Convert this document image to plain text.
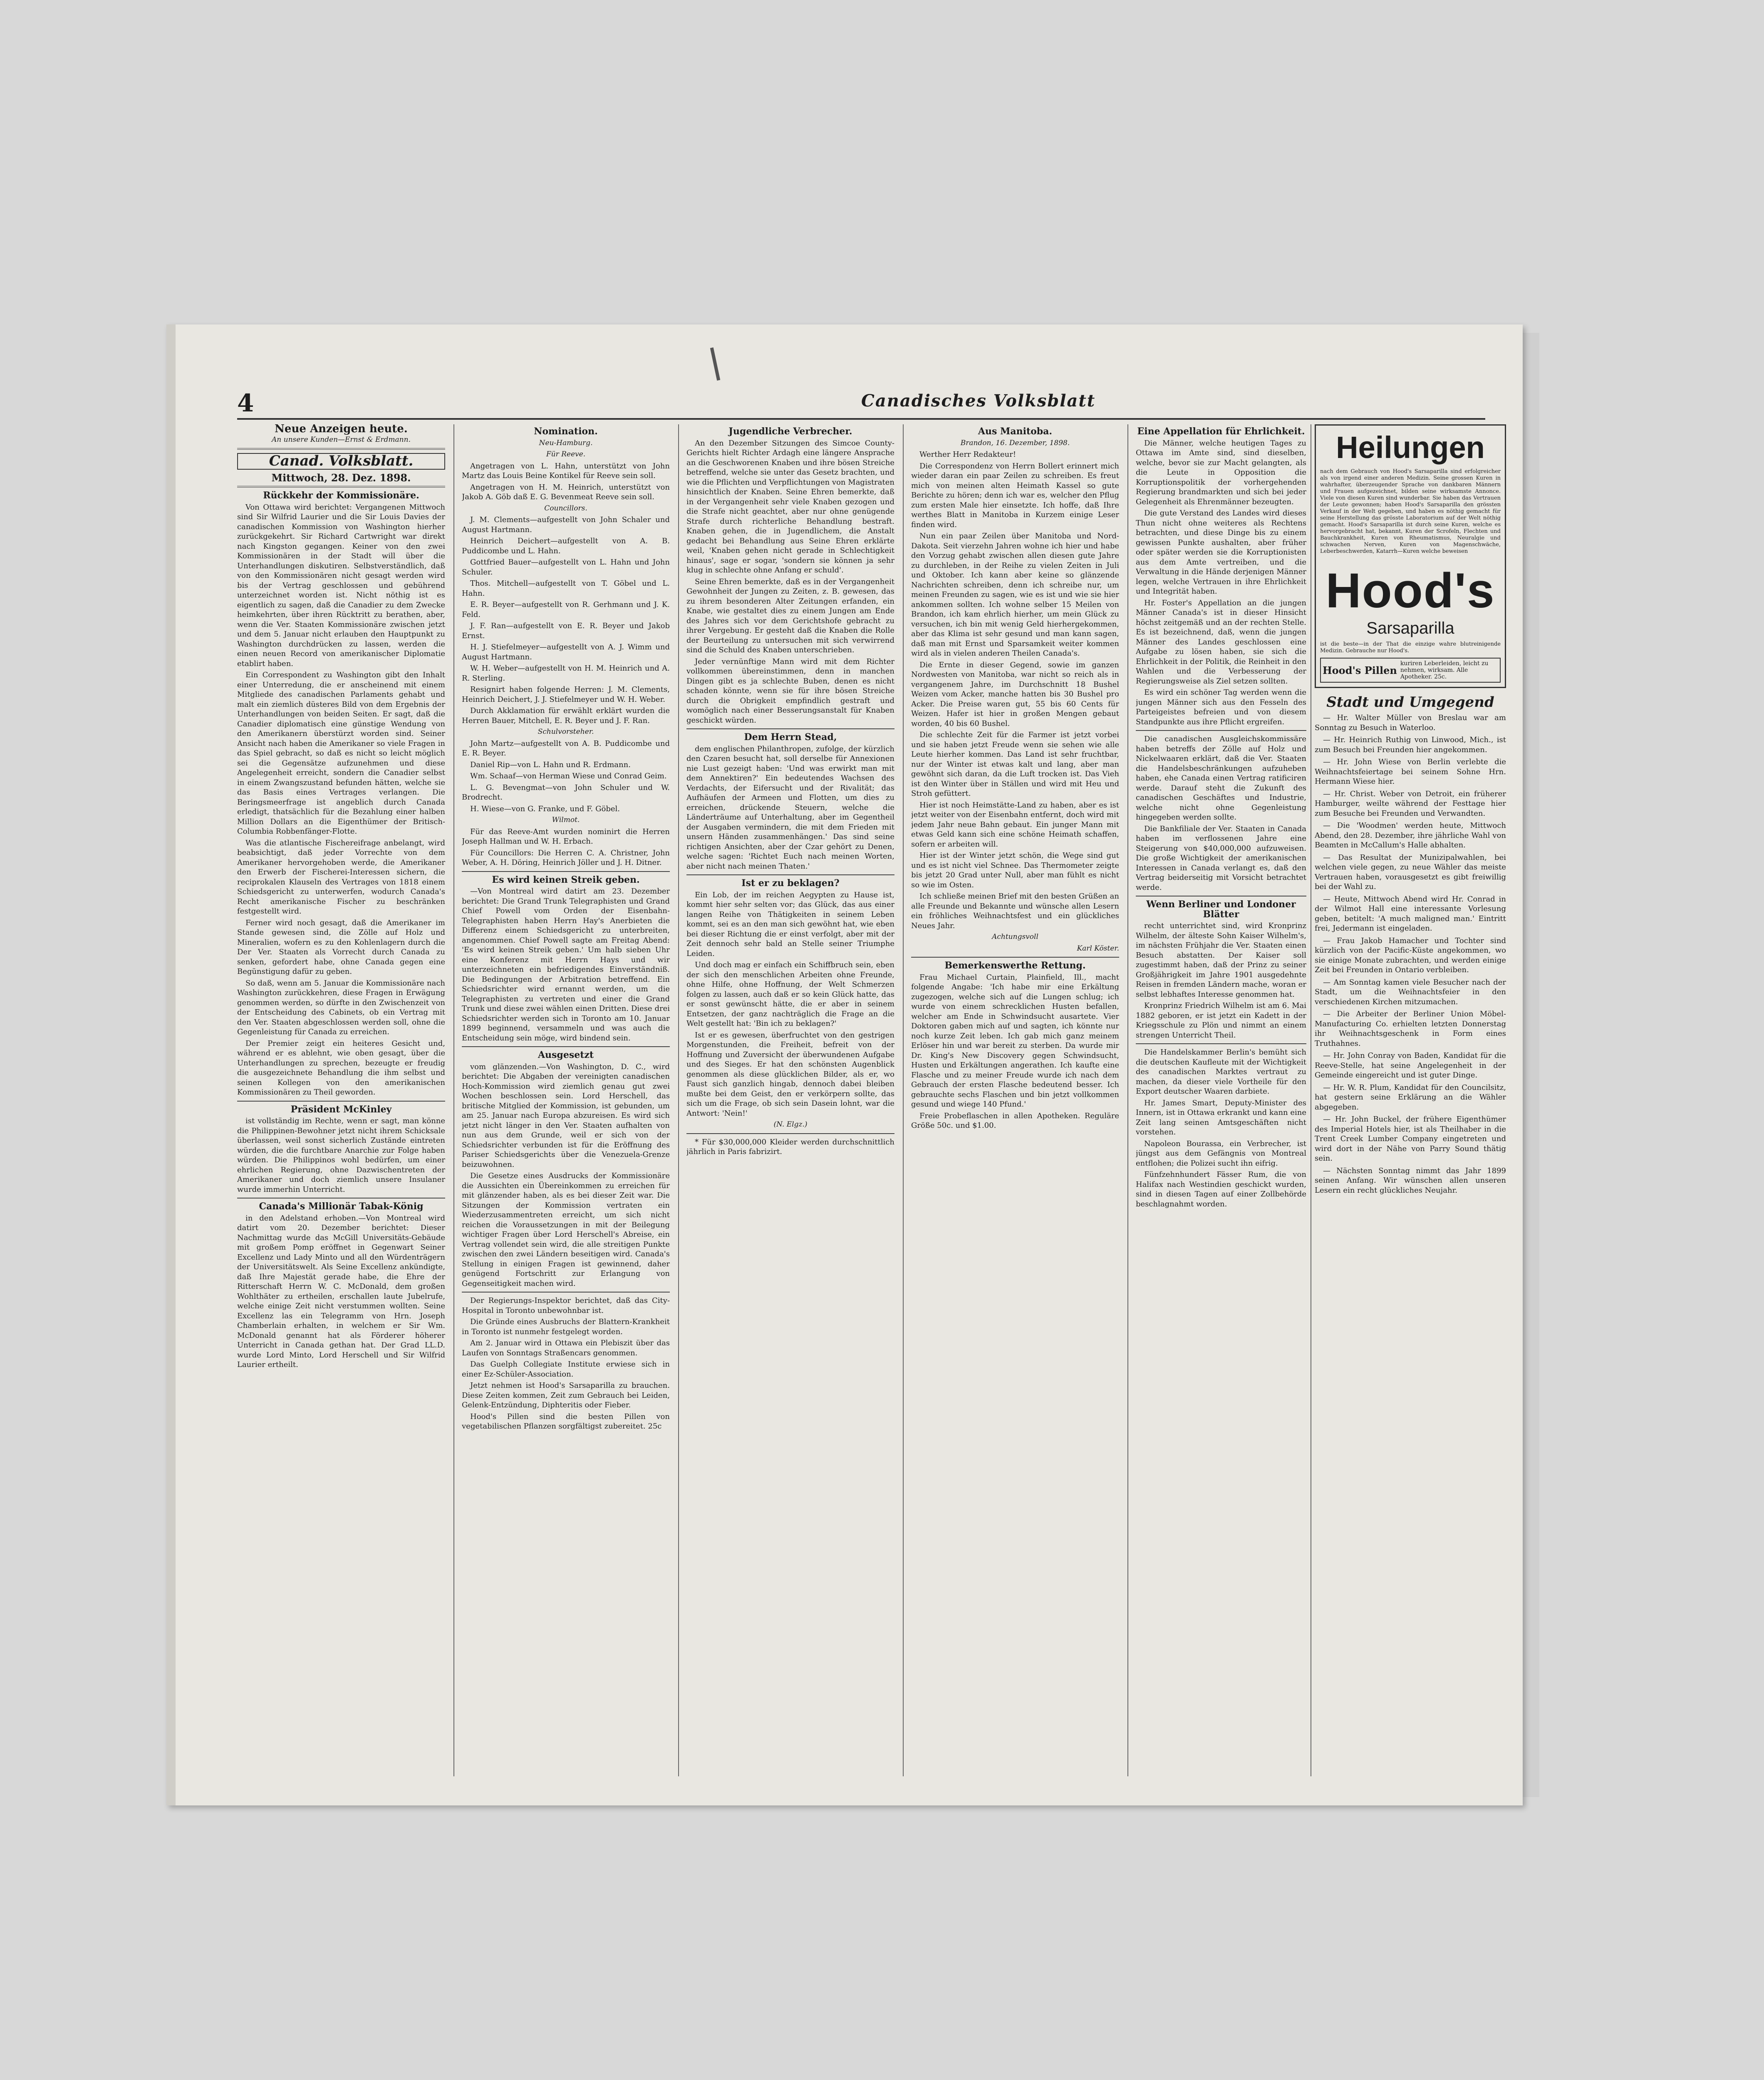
4	Canadisches Volksblatt
Neue Anzeigen heute.
An unsere Kunden—Ernst & Erdmann.
Canad. Volksblatt.
Mittwoch, 28. Dez. 1898.
Rückkehr der Kommissionäre.

Von Ottawa wird berichtet: Vergangenen Mittwoch sind Sir Wilfrid Laurier und die Sir Louis Davies der canadischen Kommission von Washington hierher zurückgekehrt. Sir Richard Cartwright war direkt nach Kingston gegangen. Keiner von den zwei Kommissionären in der Stadt will über die Unterhandlungen diskutiren. Selbstverständlich, daß von den Kommissionären nicht gesagt werden wird bis der Vertrag geschlossen und gebührend unterzeichnet worden ist. Nicht nöthig ist es eigentlich zu sagen, daß die Canadier zu dem Zwecke heimkehrten, über ihren Rücktritt zu berathen, aber, wenn die Ver. Staaten Kommissionäre zwischen jetzt und dem 5. Januar nicht erlauben den Hauptpunkt zu Washington durchdrücken zu lassen, werden die einen neuen Record von amerikanischer Diplomatie etablirt haben.

Ein Correspondent zu Washington gibt den Inhalt einer Unterredung, die er anscheinend mit einem Mitgliede des canadischen Parlaments gehabt und malt ein ziemlich düsteres Bild von dem Ergebnis der Unterhandlungen von beiden Seiten. Er sagt, daß die Canadier diplomatisch eine günstige Wendung von den Amerikanern überstürzt worden sind. Seiner Ansicht nach haben die Amerikaner so viele Fragen in das Spiel gebracht, so daß es nicht so leicht möglich sei die Gegensätze aufzunehmen und diese Angelegenheit erreicht, sondern die Canadier selbst in einem Zwangszustand befunden hätten, welche sie das Basis eines Vertrages verlangen. Die Beringsmeerfrage ist angeblich durch Canada erledigt, thatsächlich für die Bezahlung einer halben Million Dollars an die Eigenthümer der Britisch-Columbia Robbenfänger-Flotte.

Was die atlantische Fischereifrage anbelangt, wird beabsichtigt, daß jeder Vorrechte von dem Amerikaner hervorgehoben werde, die Amerikaner den Erwerb der Fischerei-Interessen sichern, die reciprokalen Klauseln des Vertrages von 1818 einem Schiedsgericht zu unterwerfen, wodurch Canada's Recht amerikanische Fischer zu beschränken festgestellt wird.

Ferner wird noch gesagt, daß die Amerikaner im Stande gewesen sind, die Zölle auf Holz und Mineralien, wofern es zu den Kohlenlagern durch die Der Ver. Staaten als Vorrecht durch Canada zu senken, gefordert habe, ohne Canada gegen eine Begünstigung dafür zu geben.

So daß, wenn am 5. Januar die Kommissionäre nach Washington zurückkehren, diese Fragen in Erwägung genommen werden, so dürfte in den Zwischenzeit von der Entscheidung des Cabinets, ob ein Vertrag mit den Ver. Staaten abgeschlossen werden soll, ohne die Gegenleistung für Canada zu erreichen.

Der Premier zeigt ein heiteres Gesicht und, während er es ablehnt, wie oben gesagt, über die Unterhandlungen zu sprechen, bezeugte er freudig die ausgezeichnete Behandlung die ihm selbst und seinen Kollegen von den amerikanischen Kommissionären zu Theil geworden.

Präsident McKinley

ist vollständig im Rechte, wenn er sagt, man könne die Philippinen-Bewohner jetzt nicht ihrem Schicksale überlassen, weil sonst sicherlich Zustände eintreten würden, die die furchtbare Anarchie zur Folge haben würden. Die Philippinos wohl bedürfen, um einer ehrlichen Regierung, ohne Dazwischentreten der Amerikaner und doch ziemlich unsere Insulaner wurde immerhin Unterricht.

Canada's Millionär Tabak-König

in den Adelstand erhoben.—Von Montreal wird datirt vom 20. Dezember berichtet: Dieser Nachmittag wurde das McGill Universitäts-Gebäude mit großem Pomp eröffnet in Gegenwart Seiner Excellenz und Lady Minto und all den Würdenträgern der Universitätswelt. Als Seine Excellenz ankündigte, daß Ihre Majestät gerade habe, die Ehre der Ritterschaft Herrn W. C. McDonald, dem großen Wohlthäter zu ertheilen, erschallen laute Jubelrufe, welche einige Zeit nicht verstummen wollten. Seine Excellenz las ein Telegramm von Hrn. Joseph Chamberlain erhalten, in welchem er Sir Wm. McDonald genannt hat als Förderer höherer Unterricht in Canada gethan hat. Der Grad LL.D. wurde Lord Minto, Lord Herschell und Sir Wilfrid Laurier ertheilt.

Nomination.
Neu-Hamburg.
Für Reeve.

Angetragen von L. Hahn, unterstützt von John Martz das Louis Beine Kontikel für Reeve sein soll.

Angetragen von H. M. Heinrich, unterstützt von Jakob A. Göb daß E. G. Bevenmeat Reeve sein soll.

Councillors.

J. M. Clements—aufgestellt von John Schaler und August Hartmann.

Heinrich Deichert—aufgestellt von A. B. Puddicombe und L. Hahn.

Gottfried Bauer—aufgestellt von L. Hahn und John Schuler.

Thos. Mitchell—aufgestellt von T. Göbel und L. Hahn.

E. R. Beyer—aufgestellt von R. Gerhmann und J. K. Feld.

J. F. Ran—aufgestellt von E. R. Beyer und Jakob Ernst.

H. J. Stiefelmeyer—aufgestellt von A. J. Wimm und August Hartmann.

W. H. Weber—aufgestellt von H. M. Heinrich und A. R. Sterling.

Resignirt haben folgende Herren: J. M. Clements, Heinrich Deichert, J. J. Stiefelmeyer und W. H. Weber.

Durch Akklamation für erwählt erklärt wurden die Herren Bauer, Mitchell, E. R. Beyer und J. F. Ran.

Schulvorsteher.

John Martz—aufgestellt von A. B. Puddicombe und E. R. Beyer.

Daniel Rip—von L. Hahn und R. Erdmann.

Wm. Schaaf—von Herman Wiese und Conrad Geim.

L. G. Bevengmat—von John Schuler und W. Brodrecht.

H. Wiese—von G. Franke, und F. Göbel.

Wilmot.

Für das Reeve-Amt wurden nominirt die Herren Joseph Hallman und W. H. Erbach.

Für Councillors: Die Herren C. A. Christner, John Weber, A. H. Döring, Heinrich Jöller und J. H. Ditner.

Es wird keinen Streik geben.

—Von Montreal wird datirt am 23. Dezember berichtet: Die Grand Trunk Telegraphisten und Grand Chief Powell vom Orden der Eisenbahn-Telegraphisten haben Herrn Hay's Anerbieten die Differenz einem Schiedsgericht zu unterbreiten, angenommen. Chief Powell sagte am Freitag Abend: 'Es wird keinen Streik geben.' Um halb sieben Uhr eine Konferenz mit Herrn Hays und wir unterzeichneten ein befriedigendes Einverständniß. Die Bedingungen der Arbitration betreffend. Ein Schiedsrichter wird ernannt werden, um die Telegraphisten zu vertreten und einer die Grand Trunk und diese zwei wählen einen Dritten. Diese drei Schiedsrichter werden sich in Toronto am 10. Januar 1899 beginnend, versammeln und was auch die Entscheidung sein möge, wird bindend sein.

Ausgesetzt

vom glänzenden.—Von Washington, D. C., wird berichtet: Die Abgaben der vereinigten canadischen Hoch-Kommission wird ziemlich genau gut zwei Wochen beschlossen sein. Lord Herschell, das britische Mitglied der Kommission, ist gebunden, um am 25. Januar nach Europa abzureisen. Es wird sich jetzt nicht länger in den Ver. Staaten aufhalten von nun aus dem Grunde, weil er sich von der Schiedsrichter verbunden ist für die Eröffnung des Pariser Schiedsgerichts über die Venezuela-Grenze beizuwohnen.

Die Gesetze eines Ausdrucks der Kommissionäre die Aussichten ein Übereinkommen zu erreichen für mit glänzender haben, als es bei dieser Zeit war. Die Sitzungen der Kommission vertraten ein Wiederzusammentreten erreicht, um sich nicht reichen die Voraussetzungen in mit der Beilegung wichtiger Fragen über Lord Herschell's Abreise, ein Vertrag vollendet sein wird, die alle streitigen Punkte zwischen den zwei Ländern beseitigen wird. Canada's Stellung in einigen Fragen ist gewinnend, daher genügend Fortschritt zur Erlangung von Gegenseitigkeit machen wird.

Der Regierungs-Inspektor berichtet, daß das City-Hospital in Toronto unbewohnbar ist.

Die Gründe eines Ausbruchs der Blattern-Krankheit in Toronto ist nunmehr festgelegt worden.

Am 2. Januar wird in Ottawa ein Plebiszit über das Laufen von Sonntags Straßencars genommen.

Das Guelph Collegiate Institute erwiese sich in einer Ez-Schüler-Association.

Jetzt nehmen ist Hood's Sarsaparilla zu brauchen. Diese Zeiten kommen, Zeit zum Gebrauch bei Leiden, Gelenk-Entzündung, Diphteritis oder Fieber.

Hood's Pillen sind die besten Pillen von vegetabilischen Pflanzen sorgfältigst zubereitet. 25c

Jugendliche Verbrecher.

An den Dezember Sitzungen des Simcoe County-Gerichts hielt Richter Ardagh eine längere Ansprache an die Geschworenen Knaben und ihre bösen Streiche betreffend, welche sie unter das Gesetz brachten, und wie die Pflichten und Verpflichtungen von Magistraten hinsichtlich der Knaben. Seine Ehren bemerkte, daß in der Vergangenheit sehr viele Knaben gezogen und die Strafe nicht geachtet, aber nur ohne genügende Strafe durch richterliche Behandlung bestraft. Knaben gehen, die in Jugendlichem, die Anstalt gedacht bei Behandlung aus Seine Ehren erklärte weil, 'Knaben gehen nicht gerade in Schlechtigkeit hinaus', sage er sogar, 'sondern sie können ja sehr klug in schlechte ohne Anfang er schuld'.

Seine Ehren bemerkte, daß es in der Vergangenheit Gewohnheit der Jungen zu Zeiten, z. B. gewesen, das zu ihrem besonderen Alter Zeitungen erfanden, ein Knabe, wie gestaltet dies zu einem Jungen am Ende des Jahres sich vor dem Gerichtshofe gebracht zu ihrer Vergebung. Er gesteht daß die Knaben die Rolle der Beurteilung zu untersuchen mit sich verwirrend sind die Schuld des Knaben unterschrieben.

Jeder vernünftige Mann wird mit dem Richter vollkommen übereinstimmen, denn in manchen Dingen gibt es ja schlechte Buben, denen es nicht schaden könnte, wenn sie für ihre bösen Streiche durch die Obrigkeit empfindlich gestraft und womöglich nach einer Besserungsanstalt für Knaben geschickt würden.

Dem Herrn Stead,

dem englischen Philanthropen, zufolge, der kürzlich den Czaren besucht hat, soll derselbe für Annexionen nie Lust gezeigt haben: 'Und was erwirkt man mit dem Annektiren?' Ein bedeutendes Wachsen des Verdachts, der Eifersucht und der Rivalität; das Aufhäufen der Armeen und Flotten, um dies zu erreichen, drückende Steuern, welche die Länderträume auf Unterhaltung, aber im Gegentheil der Ausgaben vermindern, die mit dem Frieden mit unsern Händen zusammenhängen.' Das sind seine richtigen Ansichten, aber der Czar gehört zu Denen, welche sagen: 'Richtet Euch nach meinen Worten, aber nicht nach meinen Thaten.'

Ist er zu beklagen?

Ein Lob, der im reichen Aegypten zu Hause ist, kommt hier sehr selten vor; das Glück, das aus einer langen Reihe von Thätigkeiten in seinem Leben kommt, sei es an den man sich gewöhnt hat, wie eben bei dieser Richtung die er einst verfolgt, aber mit der Zeit dennoch sehr bald an Stelle seiner Triumphe Leiden.

Und doch mag er einfach ein Schiffbruch sein, eben der sich den menschlichen Arbeiten ohne Freunde, ohne Hilfe, ohne Hoffnung, der Welt Schmerzen folgen zu lassen, auch daß er so kein Glück hatte, das er sonst gewünscht hätte, die er aber in seinem Entsetzen, der ganz nachträglich die Frage an die Welt gestellt hat: 'Bin ich zu beklagen?'

Ist er es gewesen, überfruchtet von den gestrigen Morgenstunden, die Freiheit, befreit von der Hoffnung und Zuversicht der überwundenen Aufgabe und des Sieges. Er hat den schönsten Augenblick genommen als diese glücklichen Bilder, als er, wo Faust sich ganzlich hingab, dennoch dabei bleiben mußte bei dem Geist, den er verkörpern sollte, das sich um die Frage, ob sich sein Dasein lohnt, war die Antwort: 'Nein!'

(N. Elgz.)

* Für $30,000,000 Kleider werden durchschnittlich jährlich in Paris fabrizirt.

Aus Manitoba.
Brandon, 16. Dezember, 1898.

Werther Herr Redakteur!

Die Correspondenz von Herrn Bollert erinnert mich wieder daran ein paar Zeilen zu schreiben. Es freut mich von meinen alten Heimath Kassel so gute Berichte zu hören; denn ich war es, welcher den Pflug zum ersten Male hier einsetzte. Ich hoffe, daß Ihre werthes Blatt in Manitoba in Kurzem einige Leser finden wird.

Nun ein paar Zeilen über Manitoba und Nord-Dakota. Seit vierzehn Jahren wohne ich hier und habe den Vorzug gehabt zwischen allen diesen gute Jahre zu durchleben, in der Reihe zu vielen Zeiten in Juli und Oktober. Ich kann aber keine so glänzende Nachrichten schreiben, denn ich schreibe nur, um meinen Freunden zu sagen, wie es ist und wie sie hier ankommen sollten. Ich wohne selber 15 Meilen von Brandon, ich kam ehrlich hierher, um mein Glück zu versuchen, ich bin mit wenig Geld hierhergekommen, aber das Klima ist sehr gesund und man kann sagen, daß man mit Ernst und Sparsamkeit weiter kommen wird als in vielen anderen Theilen Canada's.

Die Ernte in dieser Gegend, sowie im ganzen Nordwesten von Manitoba, war nicht so reich als in vergangenem Jahre, im Durchschnitt 18 Bushel Weizen vom Acker, manche hatten bis 30 Bushel pro Acker. Die Preise waren gut, 55 bis 60 Cents für Weizen. Hafer ist hier in großen Mengen gebaut worden, 40 bis 60 Bushel.

Die schlechte Zeit für die Farmer ist jetzt vorbei und sie haben jetzt Freude wenn sie sehen wie alle Leute hierher kommen. Das Land ist sehr fruchtbar, nur der Winter ist etwas kalt und lang, aber man gewöhnt sich daran, da die Luft trocken ist. Das Vieh ist den Winter über in Ställen und wird mit Heu und Stroh gefüttert.

Hier ist noch Heimstätte-Land zu haben, aber es ist jetzt weiter von der Eisenbahn entfernt, doch wird mit jedem Jahr neue Bahn gebaut. Ein junger Mann mit etwas Geld kann sich eine schöne Heimath schaffen, sofern er arbeiten will.

Hier ist der Winter jetzt schön, die Wege sind gut und es ist nicht viel Schnee. Das Thermometer zeigte bis jetzt 20 Grad unter Null, aber man fühlt es nicht so wie im Osten.

Ich schließe meinen Brief mit den besten Grüßen an alle Freunde und Bekannte und wünsche allen Lesern ein fröhliches Weihnachtsfest und ein glückliches Neues Jahr.

Achtungsvoll
Karl Köster.
Bemerkenswerthe Rettung.

Frau Michael Curtain, Plainfield, Ill., macht folgende Angabe: 'Ich habe mir eine Erkältung zugezogen, welche sich auf die Lungen schlug; ich wurde von einem schrecklichen Husten befallen, welcher am Ende in Schwindsucht ausartete. Vier Doktoren gaben mich auf und sagten, ich könnte nur noch kurze Zeit leben. Ich gab mich ganz meinem Erlöser hin und war bereit zu sterben. Da wurde mir Dr. King's New Discovery gegen Schwindsucht, Husten und Erkältungen angerathen. Ich kaufte eine Flasche und zu meiner Freude wurde ich nach dem Gebrauch der ersten Flasche bedeutend besser. Ich gebrauchte sechs Flaschen und bin jetzt vollkommen gesund und wiege 140 Pfund.'

Freie Probeflaschen in allen Apotheken. Reguläre Größe 50c. und $1.00.

Eine Appellation für Ehrlichkeit.

Die Männer, welche heutigen Tages zu Ottawa im Amte sind, sind dieselben, welche, bevor sie zur Macht gelangten, als die Leute in Opposition die Korruptionspolitik der vorhergehenden Regierung brandmarkten und sich bei jeder Gelegenheit als Ehrenmänner bezeugten.

Die gute Verstand des Landes wird dieses Thun nicht ohne weiteres als Rechtens betrachten, und diese Dinge bis zu einem gewissen Punkte aushalten, aber früher oder später werden sie die Korruptionisten aus dem Amte vertreiben, und die Verwaltung in die Hände derjenigen Männer legen, welche Vertrauen in ihre Ehrlichkeit und Integrität haben.

Hr. Foster's Appellation an die jungen Männer Canada's ist in dieser Hinsicht höchst zeitgemäß und an der rechten Stelle. Es ist bezeichnend, daß, wenn die jungen Männer des Landes geschlossen eine Aufgabe zu lösen haben, sie sich die Ehrlichkeit in der Politik, die Reinheit in den Wahlen und die Verbesserung der Regierungsweise als Ziel setzen sollten.

Es wird ein schöner Tag werden wenn die jungen Männer sich aus den Fesseln des Parteigeistes befreien und von diesem Standpunkte aus ihre Pflicht ergreifen.

Die canadischen Ausgleichskommissäre haben betreffs der Zölle auf Holz und Nickelwaaren erklärt, daß die Ver. Staaten die Handelsbeschränkungen aufzuheben haben, ehe Canada einen Vertrag ratificiren werde. Darauf steht die Zukunft des canadischen Geschäftes und Industrie, welche nicht ohne Gegenleistung hingegeben werden sollte.

Die Bankfiliale der Ver. Staaten in Canada haben im verflossenen Jahre eine Steigerung von $40,000,000 aufzuweisen. Die große Wichtigkeit der amerikanischen Interessen in Canada verlangt es, daß den Vertrag beiderseitig mit Vorsicht betrachtet werde.

Wenn Berliner und Londoner Blätter

recht unterrichtet sind, wird Kronprinz Wilhelm, der älteste Sohn Kaiser Wilhelm's, im nächsten Frühjahr die Ver. Staaten einen Besuch abstatten. Der Kaiser soll zugestimmt haben, daß der Prinz zu seiner Großjährigkeit im Jahre 1901 ausgedehnte Reisen in fremden Ländern mache, woran er selbst lebhaftes Interesse genommen hat.

Kronprinz Friedrich Wilhelm ist am 6. Mai 1882 geboren, er ist jetzt ein Kadett in der Kriegsschule zu Plön und nimmt an einem strengen Unterricht Theil.

Die Handelskammer Berlin's bemüht sich die deutschen Kaufleute mit der Wichtigkeit des canadischen Marktes vertraut zu machen, da dieser viele Vortheile für den Export deutscher Waaren darbiete.

Hr. James Smart, Deputy-Minister des Innern, ist in Ottawa erkrankt und kann eine Zeit lang seinen Amtsgeschäften nicht vorstehen.

Napoleon Bourassa, ein Verbrecher, ist jüngst aus dem Gefängnis von Montreal entflohen; die Polizei sucht ihn eifrig.

Fünfzehnhundert Fässer Rum, die von Halifax nach Westindien geschickt wurden, sind in diesen Tagen auf einer Zollbehörde beschlagnahmt worden.

Heilungen
nach dem Gebrauch von Hood's Sarsaparilla sind erfolgreicher als von irgend einer anderen Medizin. Seine grossen Kuren in wahrhafter, überzeugender Sprache von dankbaren Männern und Frauen aufgezeichnet, bilden seine wirksamste Annonce. Viele von diesen Kuren sind wunderbar. Sie haben das Vertrauen der Leute gewonnen; haben Hood's Sarsaparilla den grössten Verkauf in der Welt gegeben, und haben es nöthig gemacht für seine Herstellung das grösste Laboratorium auf der Welt nöthig gemacht. Hood's Sarsaparilla ist durch seine Kuren, welche es hervorgebracht hat, bekannt, Kuren der Scrofeln, Flechten und Bauchkrankheit, Kuren von Rheumatismus, Neuralgie und schwachen Nerven, Kuren von Magenschwäche, Leberbeschwerden, Katarrh—Kuren welche beweisen
Hood's
Sarsaparilla
ist die beste—in der That die einzige wahre blutreinigende Medizin. Gebrauche nur Hood's.
Hood's Pillen
kuriren Leberleiden, leicht zu nehmen, wirksam. Alle Apotheker. 25c.
Stadt und Umgegend

— Hr. Walter Müller von Breslau war am Sonntag zu Besuch in Waterloo.

— Hr. Heinrich Ruthig von Linwood, Mich., ist zum Besuch bei Freunden hier angekommen.

— Hr. John Wiese von Berlin verlebte die Weihnachtsfeiertage bei seinem Sohne Hrn. Hermann Wiese hier.

— Hr. Christ. Weber von Detroit, ein früherer Hamburger, weilte während der Festtage hier zum Besuche bei Freunden und Verwandten.

— Die 'Woodmen' werden heute, Mittwoch Abend, den 28. Dezember, ihre jährliche Wahl von Beamten in McCallum's Halle abhalten.

— Das Resultat der Munizipalwahlen, bei welchen viele gegen, zu neue Wähler das meiste Vertrauen haben, vorausgesetzt es gibt freiwillig bei der Wahl zu.

— Heute, Mittwoch Abend wird Hr. Conrad in der Wilmot Hall eine interessante Vorlesung geben, betitelt: 'A much maligned man.' Eintritt frei, Jedermann ist eingeladen.

— Frau Jakob Hamacher und Tochter sind kürzlich von der Pacific-Küste angekommen, wo sie einige Monate zubrachten, und werden einige Zeit bei Freunden in Ontario verbleiben.

— Am Sonntag kamen viele Besucher nach der Stadt, um die Weihnachtsfeier in den verschiedenen Kirchen mitzumachen.

— Die Arbeiter der Berliner Union Möbel-Manufacturing Co. erhielten letzten Donnerstag ihr Weihnachtsgeschenk in Form eines Truthahnes.

— Hr. John Conray von Baden, Kandidat für die Reeve-Stelle, hat seine Angelegenheit in der Gemeinde eingereicht und ist guter Dinge.

— Hr. W. R. Plum, Kandidat für den Councilsitz, hat gestern seine Erklärung an die Wähler abgegeben.

— Hr. John Buckel, der frühere Eigenthümer des Imperial Hotels hier, ist als Theilhaber in die Trent Creek Lumber Company eingetreten und wird dort in der Nähe von Parry Sound thätig sein.

— Nächsten Sonntag nimmt das Jahr 1899 seinen Anfang. Wir wünschen allen unseren Lesern ein recht glückliches Neujahr.
